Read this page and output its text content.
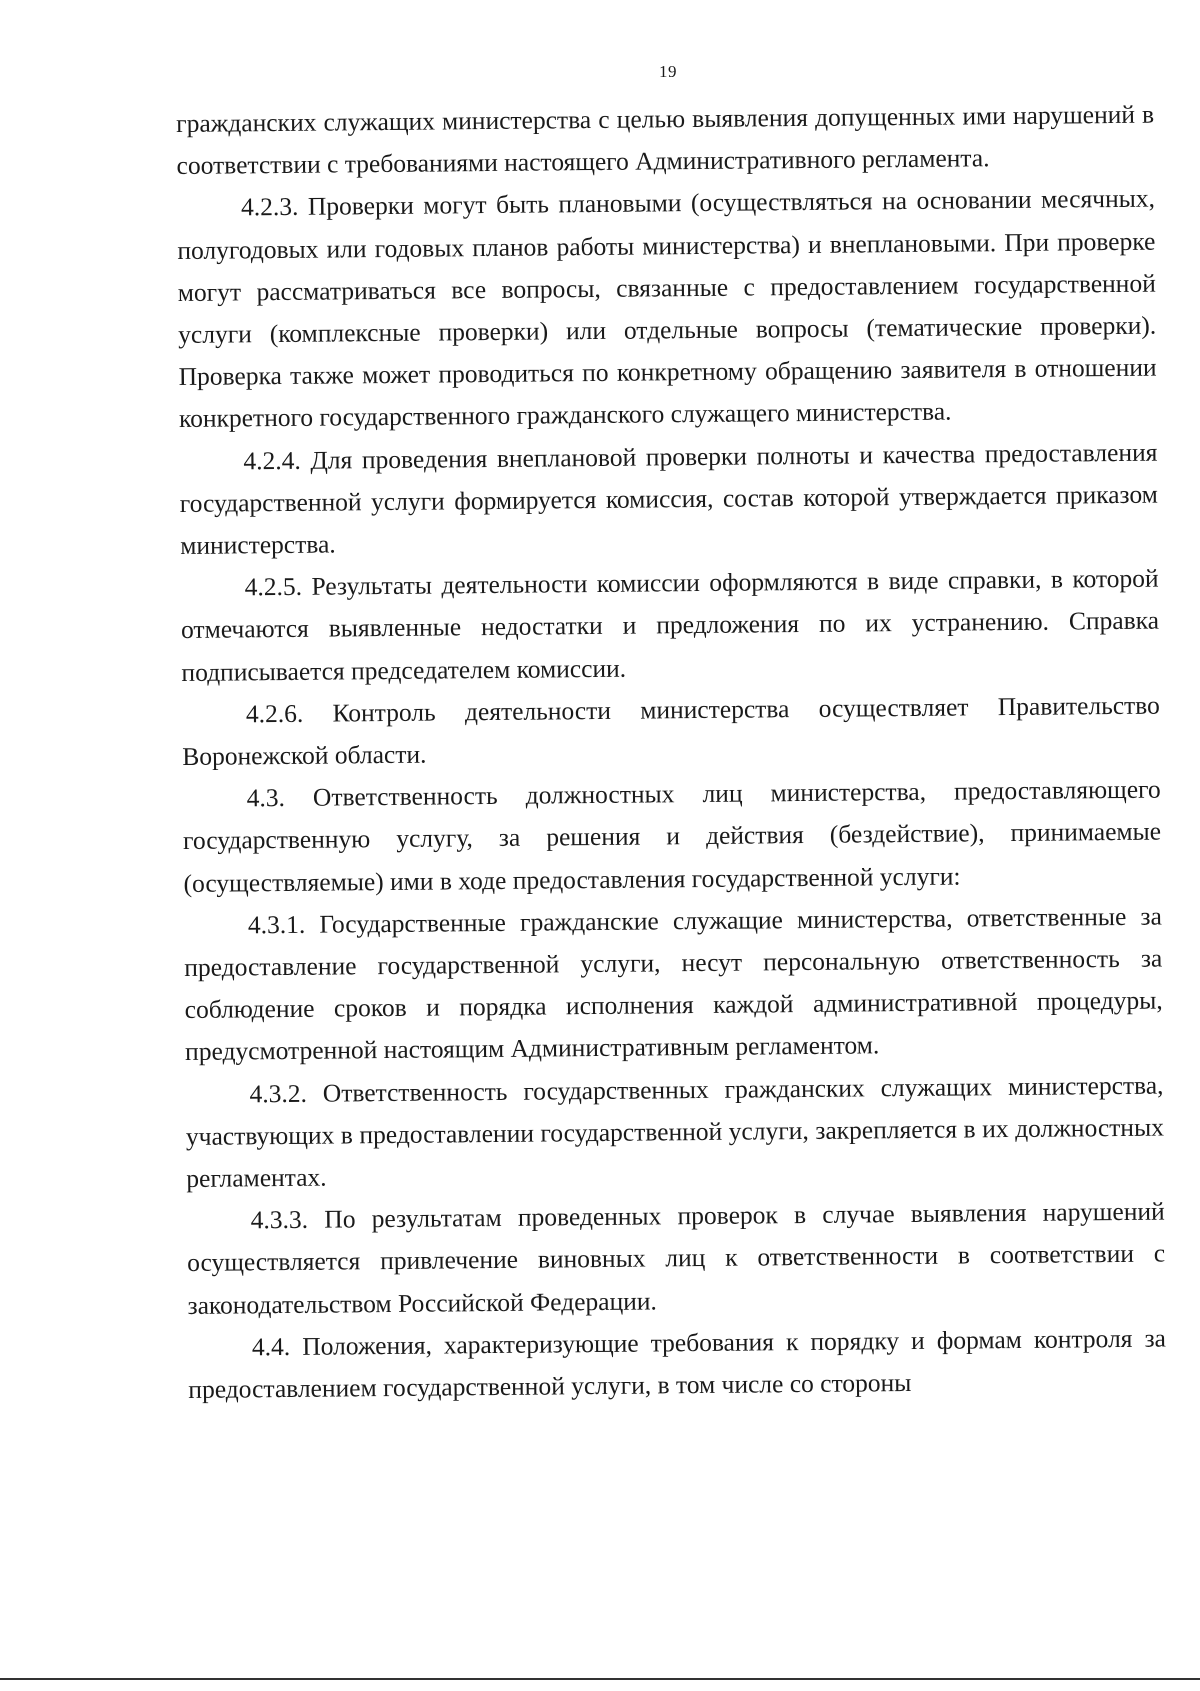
19

гражданских служащих министерства с целью выявления допущенных ими нарушений в соответствии с требованиями настоящего Административного регламента.

4.2.3. Проверки могут быть плановыми (осуществляться на основании месячных, полугодовых или годовых планов работы министерства) и внеплановыми. При проверке могут рассматриваться все вопросы, связанные с предоставлением государственной услуги (комплексные проверки) или отдельные вопросы (тематические проверки). Проверка также может проводиться по конкретному обращению заявителя в отношении конкретного государственного гражданского служащего министерства.

4.2.4. Для проведения внеплановой проверки полноты и качества предоставления государственной услуги формируется комиссия, состав которой утверждается приказом министерства.

4.2.5. Результаты деятельности комиссии оформляются в виде справки, в которой отмечаются выявленные недостатки и предложения по их устранению. Справка подписывается председателем комиссии.

4.2.6. Контроль деятельности министерства осуществляет Правительство Воронежской области.

4.3. Ответственность должностных лиц министерства, предоставляющего государственную услугу, за решения и действия (бездействие), принимаемые (осуществляемые) ими в ходе предоставления государственной услуги:

4.3.1. Государственные гражданские служащие министерства, ответственные за предоставление государственной услуги, несут персональную ответственность за соблюдение сроков и порядка исполнения каждой административной процедуры, предусмотренной настоящим Административным регламентом.

4.3.2. Ответственность государственных гражданских служащих министерства, участвующих в предоставлении государственной услуги, закрепляется в их должностных регламентах.

4.3.3. По результатам проведенных проверок в случае выявления нарушений осуществляется привлечение виновных лиц к ответственности в соответствии с законодательством Российской Федерации.

4.4. Положения, характеризующие требования к порядку и формам контроля за предоставлением государственной услуги, в том числе со стороны
